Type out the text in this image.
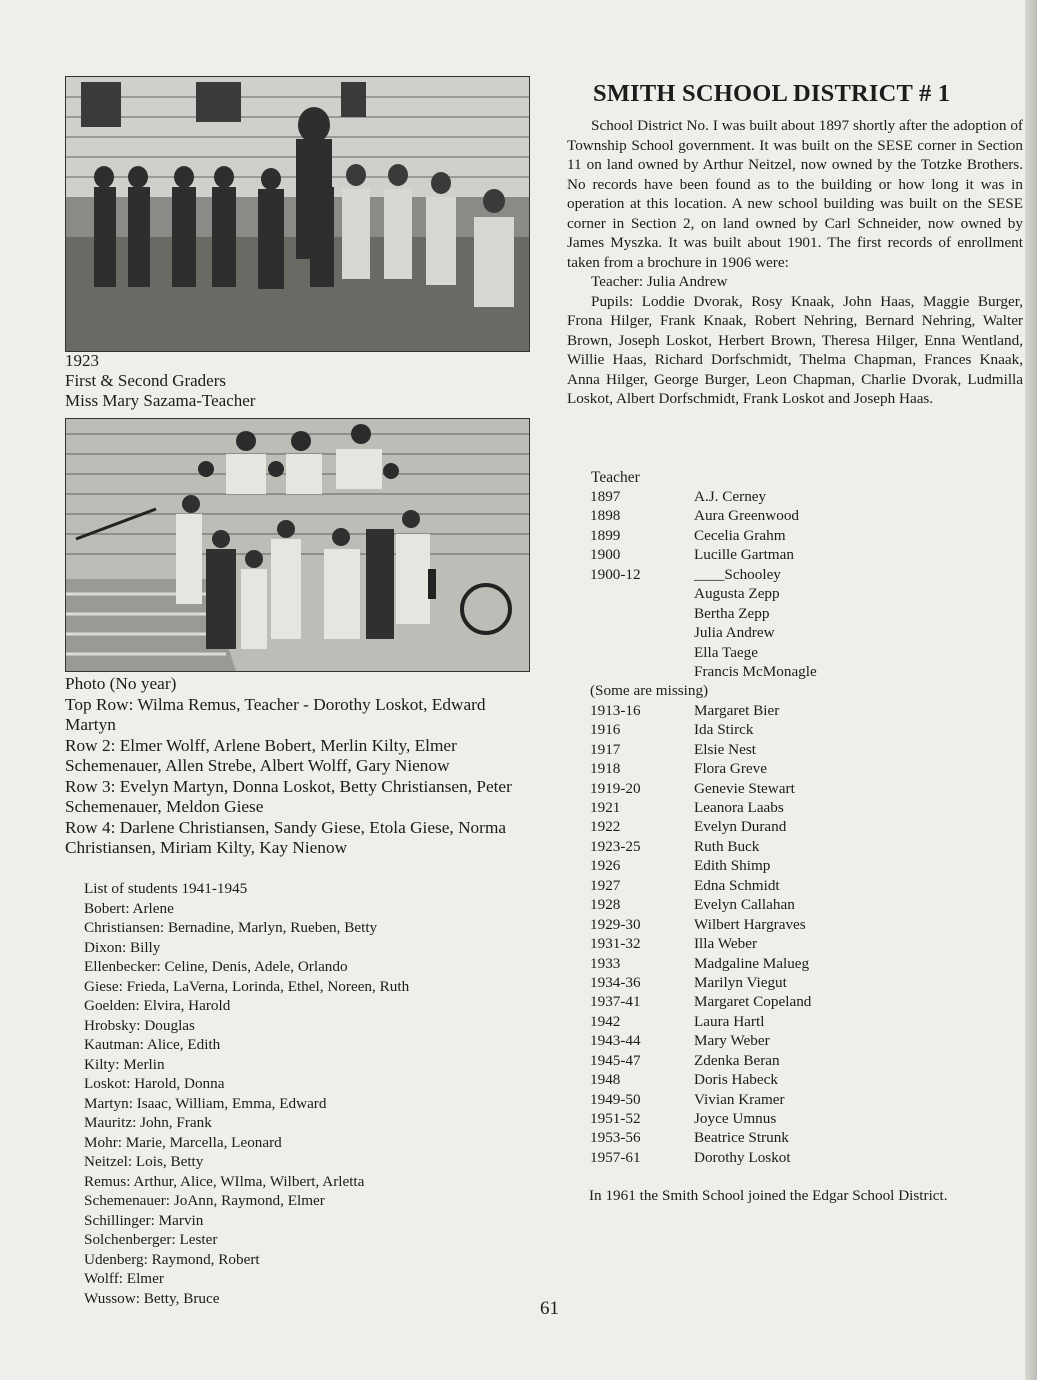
1923
First & Second Graders
Miss Mary Sazama-Teacher
Photo (No year)
Top Row: Wilma Remus, Teacher - Dorothy Loskot, Edward Martyn
Row 2: Elmer Wolff, Arlene Bobert, Merlin Kilty, Elmer Schemenauer, Allen Strebe, Albert Wolff, Gary Nienow
Row 3: Evelyn Martyn, Donna Loskot, Betty Christiansen, Peter Schemenauer, Meldon Giese
Row 4: Darlene Christiansen, Sandy Giese, Etola Giese, Norma Christiansen, Miriam Kilty, Kay Nienow
List of students 1941-1945
Bobert: Arlene
Christiansen: Bernadine, Marlyn, Rueben, Betty
Dixon: Billy
Ellenbecker: Celine, Denis, Adele, Orlando
Giese: Frieda, LaVerna, Lorinda, Ethel, Noreen, Ruth
Goelden: Elvira, Harold
Hrobsky: Douglas
Kautman: Alice, Edith
Kilty: Merlin
Loskot: Harold, Donna
Martyn: Isaac, William, Emma, Edward
Mauritz: John, Frank
Mohr: Marie, Marcella, Leonard
Neitzel: Lois, Betty
Remus: Arthur, Alice, WIlma, Wilbert, Arletta
Schemenauer: JoAnn, Raymond, Elmer
Schillinger: Marvin
Solchenberger: Lester
Udenberg: Raymond, Robert
Wolff: Elmer
Wussow: Betty, Bruce
SMITH SCHOOL DISTRICT # 1

School District No. I was built about 1897 shortly after the adoption of Township School government. It was built on the SESE corner in Section 11 on land owned by Arthur Neitzel, now owned by the Totzke Brothers. No records have been found as to the building or how long it was in operation at this location. A new school building was built on the SESE corner in Section 2, on land owned by Carl Schneider, now owned by James Myszka. It was built about 1901. The first records of enrollment taken from a brochure in 1906 were:

Teacher: Julia Andrew

Pupils: Loddie Dvorak, Rosy Knaak, John Haas, Maggie Burger, Frona Hilger, Frank Knaak, Robert Nehring, Bernard Nehring, Walter Brown, Joseph Loskot, Herbert Brown, Theresa Hilger, Enna Wentland, Willie Haas, Richard Dorfschmidt, Thelma Chapman, Frances Knaak, Anna Hilger, George Burger, Leon Chapman, Charlie Dvorak, Ludmilla Loskot, Albert Dorfschmidt, Frank Loskot and Joseph Haas.

Teacher
1897	A.J. Cerney
1898	Aura Greenwood
1899	Cecelia Grahm
1900	Lucille Gartman
1900-12	____Schooley
Augusta Zepp
Bertha Zepp
Julia Andrew
Ella Taege
Francis McMonagle
(Some are missing)
1913-16	Margaret Bier
1916	Ida Stirck
1917	Elsie Nest
1918	Flora Greve
1919-20	Genevie Stewart
1921	Leanora Laabs
1922	Evelyn Durand
1923-25	Ruth Buck
1926	Edith Shimp
1927	Edna Schmidt
1928	Evelyn Callahan
1929-30	Wilbert Hargraves
1931-32	Illa Weber
1933	Madgaline Malueg
1934-36	Marilyn Viegut
1937-41	Margaret Copeland
1942	Laura Hartl
1943-44	Mary Weber
1945-47	Zdenka Beran
1948	Doris Habeck
1949-50	Vivian Kramer
1951-52	Joyce Umnus
1953-56	Beatrice Strunk
1957-61	Dorothy Loskot
In 1961 the Smith School joined the Edgar School District.
61
